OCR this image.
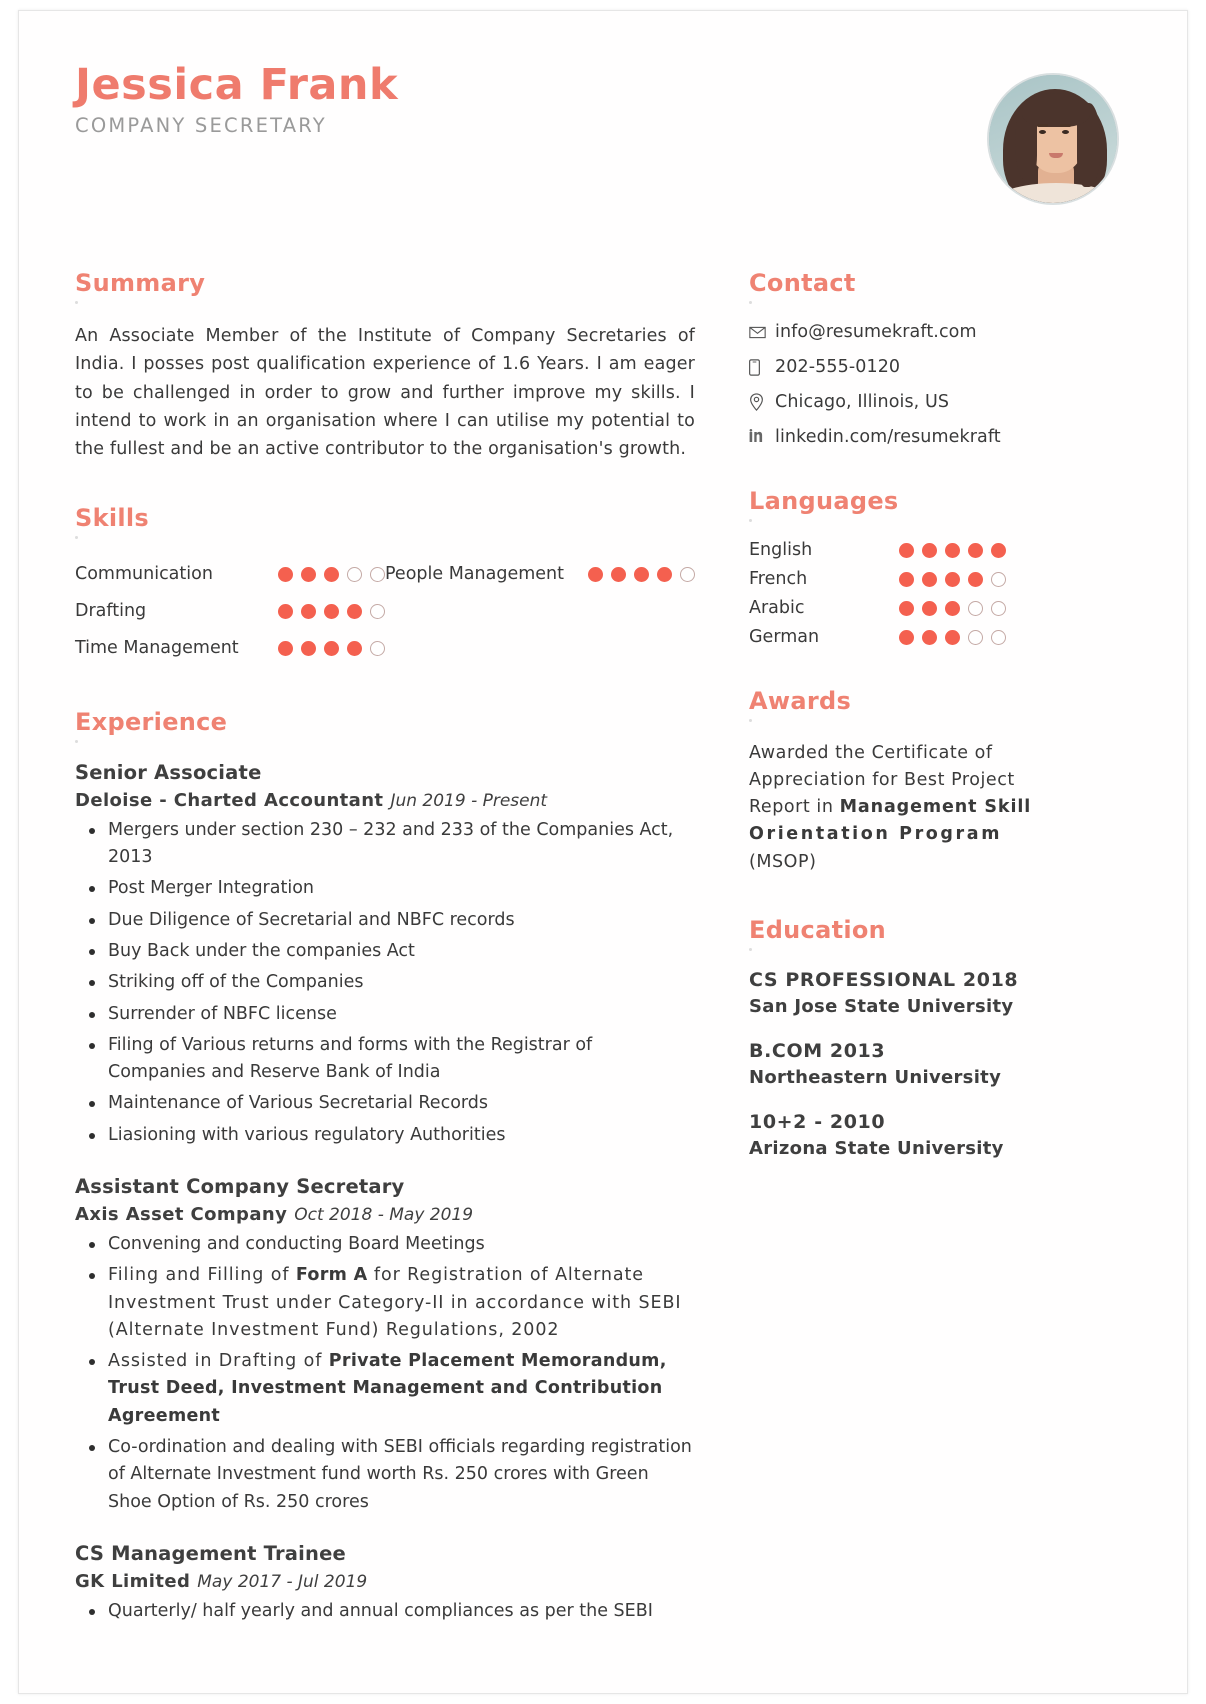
Jessica Frank
COMPANY SECRETARY
Summary
An Associate Member of the Institute of Company Secretaries of India. I posses post qualification experience of 1.6 Years. I am eager to be challenged in order to grow and further improve my skills. I intend to work in an organisation where I can utilise my potential to the fullest and be an active contributor to the organisation's growth.
Skills
Communication
Drafting
Time Management
People Management
Experience
Senior Associate
Deloise - Charted Accountant Jun 2019 - Present
Mergers under section 230 – 232 and 233 of the Companies Act, 2013
Post Merger Integration
Due Diligence of Secretarial and NBFC records
Buy Back under the companies Act
Striking off of the Companies
Surrender of NBFC license
Filing of Various returns and forms with the Registrar of Companies and Reserve Bank of India
Maintenance of Various Secretarial Records
Liasioning with various regulatory Authorities
Assistant Company Secretary
Axis Asset Company Oct 2018 - May 2019
Convening and conducting Board Meetings
Filing and Filling of Form A for Registration of Alternate Investment Trust under Category-II in accordance with SEBI (Alternate Investment Fund) Regulations, 2002
Assisted in Drafting of Private Placement Memorandum, Trust Deed, Investment Management and Contribution Agreement
Co-ordination and dealing with SEBI officials regarding registration of Alternate Investment fund worth Rs. 250 crores with Green Shoe Option of Rs. 250 crores
CS Management Trainee
GK Limited May 2017 - Jul 2019
Quarterly/ half yearly and annual compliances as per the SEBI
Contact
info@resumekraft.com
202-555-0120
Chicago, Illinois, US
linkedin.com/resumekraft
Languages
English
French
Arabic
German
Awards
Awarded the Certificate of Appreciation for Best Project Report in Management Skill Orientation Program (MSOP)
Education
CS PROFESSIONAL 2018
San Jose State University
B.COM 2013
Northeastern University
10+2 - 2010
Arizona State University
